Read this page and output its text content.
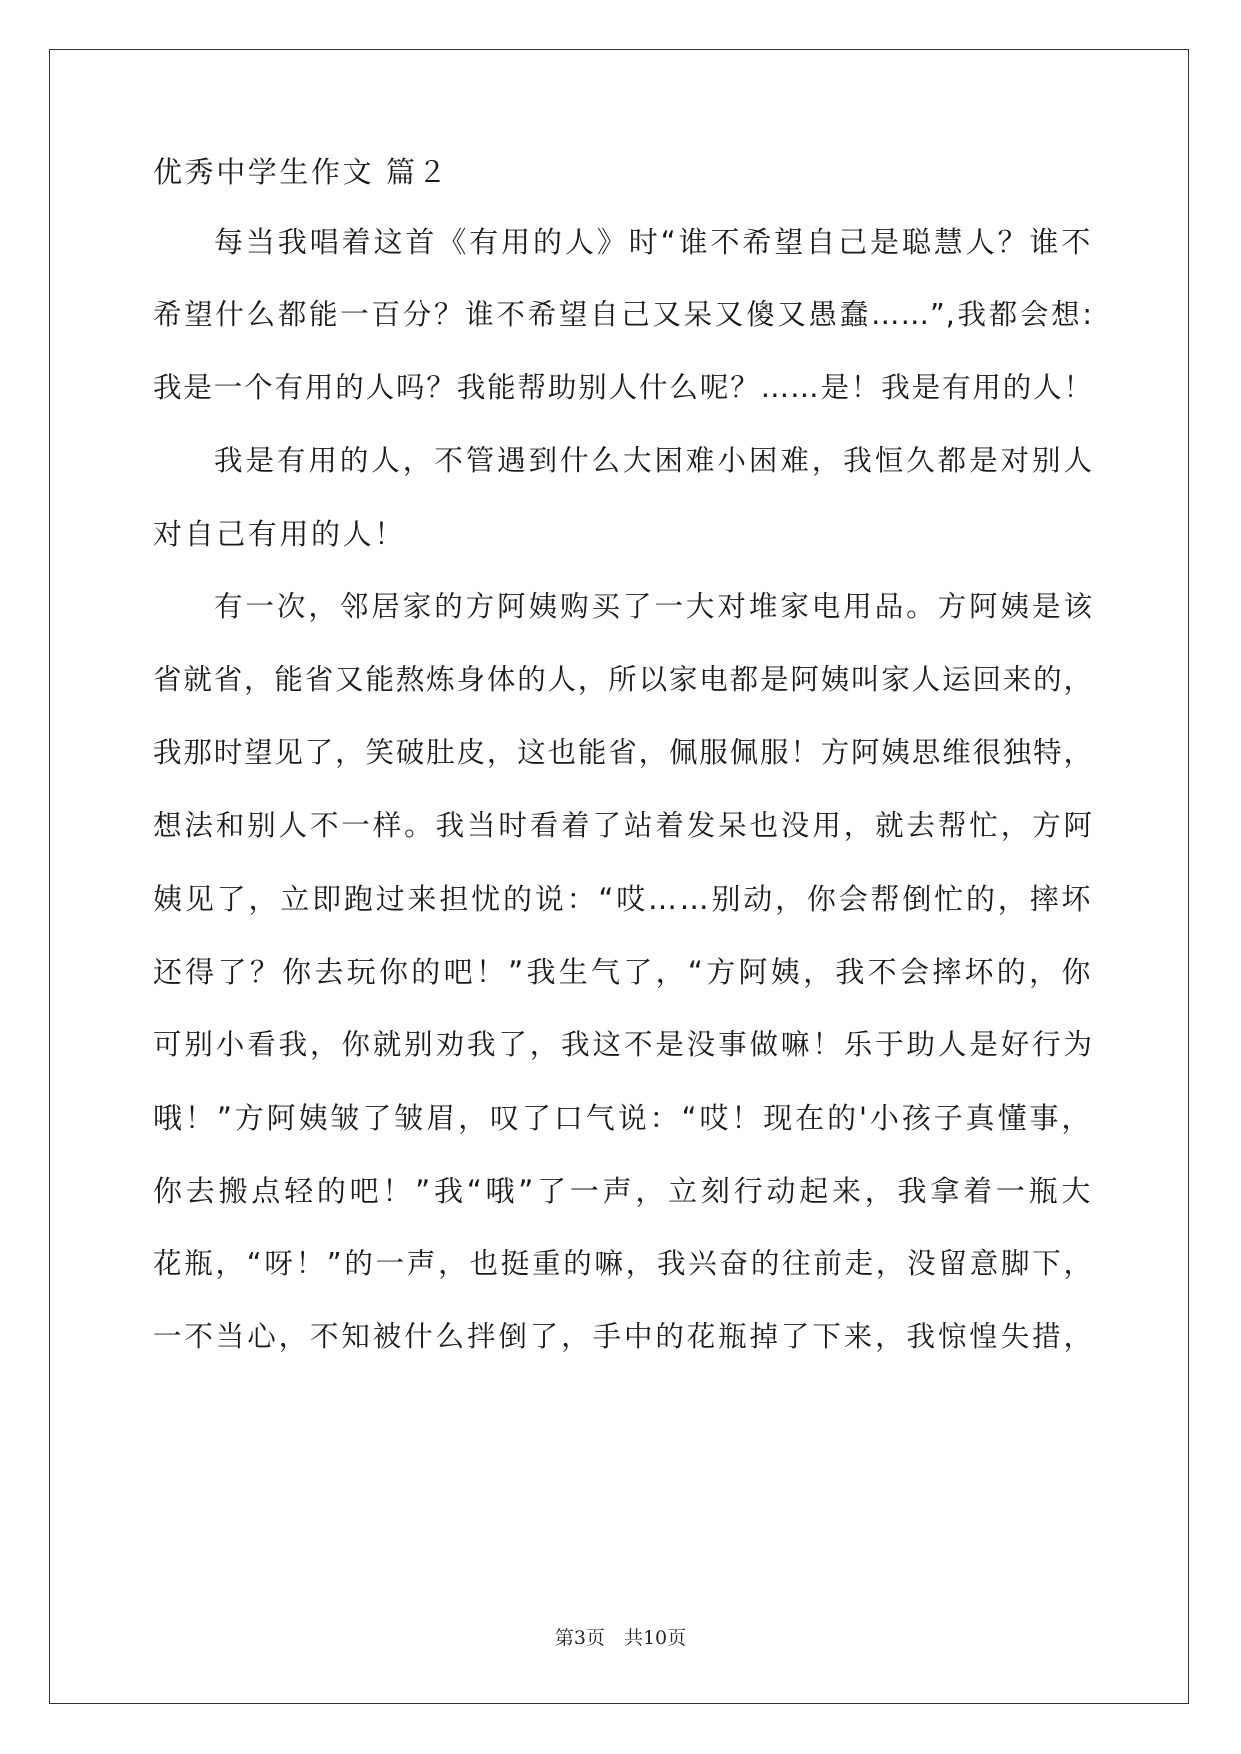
优秀中学生作文 篇２
每当我唱着这首《有用的人》时“谁不希望自己是聪慧人？谁不
希望什么都能一百分？谁不希望自己又呆又傻又愚蠢……”,我都会想:
我是一个有用的人吗？我能帮助别人什么呢？……是！我是有用的人！
我是有用的人，不管遇到什么大困难小困难，我恒久都是对别人
对自己有用的人！
有一次，邻居家的方阿姨购买了一大对堆家电用品。方阿姨是该
省就省，能省又能熬炼身体的人，所以家电都是阿姨叫家人运回来的，
我那时望见了，笑破肚皮，这也能省，佩服佩服！方阿姨思维很独特，
想法和别人不一样。我当时看着了站着发呆也没用，就去帮忙，方阿
姨见了，立即跑过来担忧的说：“哎……别动，你会帮倒忙的，摔坏
还得了？你去玩你的吧！”我生气了，“方阿姨，我不会摔坏的，你
可别小看我，你就别劝我了，我这不是没事做嘛！乐于助人是好行为
哦！”方阿姨皱了皱眉，叹了口气说：“哎！现在的'小孩子真懂事，
你去搬点轻的吧！”我“哦”了一声，立刻行动起来，我拿着一瓶大
花瓶，“呀！”的一声，也挺重的嘛，我兴奋的往前走，没留意脚下，
一不当心，不知被什么拌倒了，手中的花瓶掉了下来，我惊惶失措，
第3页　共10页
